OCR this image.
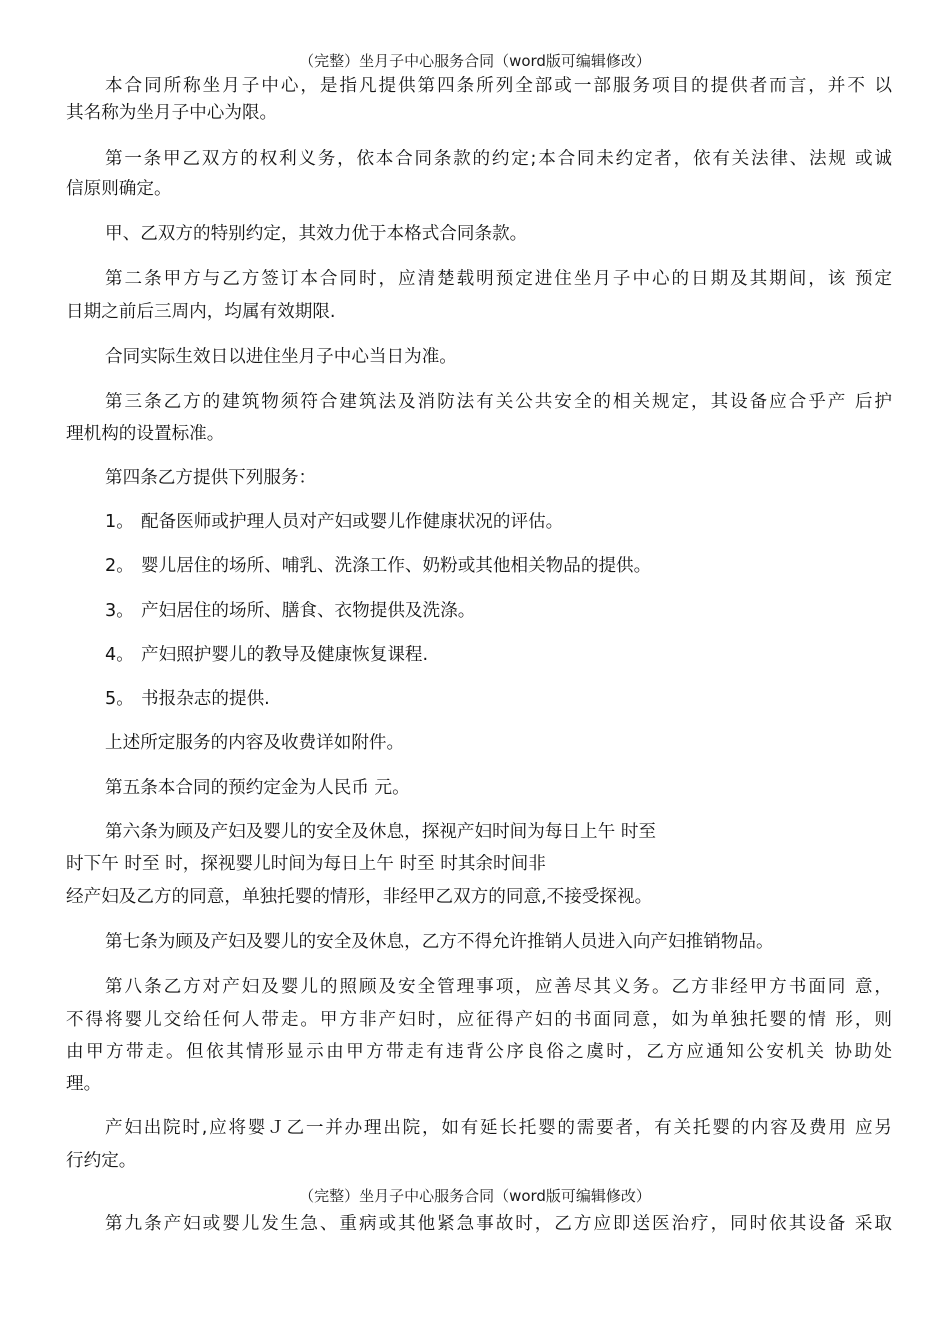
（完整）坐月子中心服务合同（word版可编辑修改）
本合同所称坐月子中心，是指凡提供第四条所列全部或一部服务项目的提供者而言，并不 以
其名称为坐月子中心为限。
第一条甲乙双方的权利义务，依本合同条款的约定;本合同未约定者，依有关法律、法规 或诚
信原则确定。
甲、乙双方的特别约定，其效力优于本格式合同条款。
第二条甲方与乙方签订本合同时，应清楚载明预定进住坐月子中心的日期及其期间，该 预定
日期之前后三周内，均属有效期限.
合同实际生效日以进住坐月子中心当日为准。
第三条乙方的建筑物须符合建筑法及消防法有关公共安全的相关规定，其设备应合乎产 后护
理机构的设置标准。
第四条乙方提供下列服务：
1。 配备医师或护理人员对产妇或婴儿作健康状况的评估。
2。 婴儿居住的场所、哺乳、洗涤工作、奶粉或其他相关物品的提供。
3。 产妇居住的场所、膳食、衣物提供及洗涤。
4。 产妇照护婴儿的教导及健康恢复课程.
5。 书报杂志的提供.
上述所定服务的内容及收费详如附件。
第五条本合同的预约定金为人民币 元。
第六条为顾及产妇及婴儿的安全及休息，探视产妇时间为每日上午 时至
时下午 时至 时，探视婴儿时间为每日上午 时至 时其余时间非
经产妇及乙方的同意，单独托婴的情形，非经甲乙双方的同意,不接受探视。
第七条为顾及产妇及婴儿的安全及休息，乙方不得允许推销人员进入向产妇推销物品。
第八条乙方对产妇及婴儿的照顾及安全管理事项，应善尽其义务。乙方非经甲方书面同 意，
不得将婴儿交给任何人带走。甲方非产妇时，应征得产妇的书面同意，如为单独托婴的情 形，则
由甲方带走。但依其情形显示由甲方带走有违背公序良俗之虞时，乙方应通知公安机关 协助处
理。
产妇出院时,应将婴Ｊ乙一并办理出院，如有延长托婴的需要者，有关托婴的内容及费用 应另
行约定。
（完整）坐月子中心服务合同（word版可编辑修改）
第九条产妇或婴儿发生急、重病或其他紧急事故时，乙方应即送医治疗，同时依其设备 采取
